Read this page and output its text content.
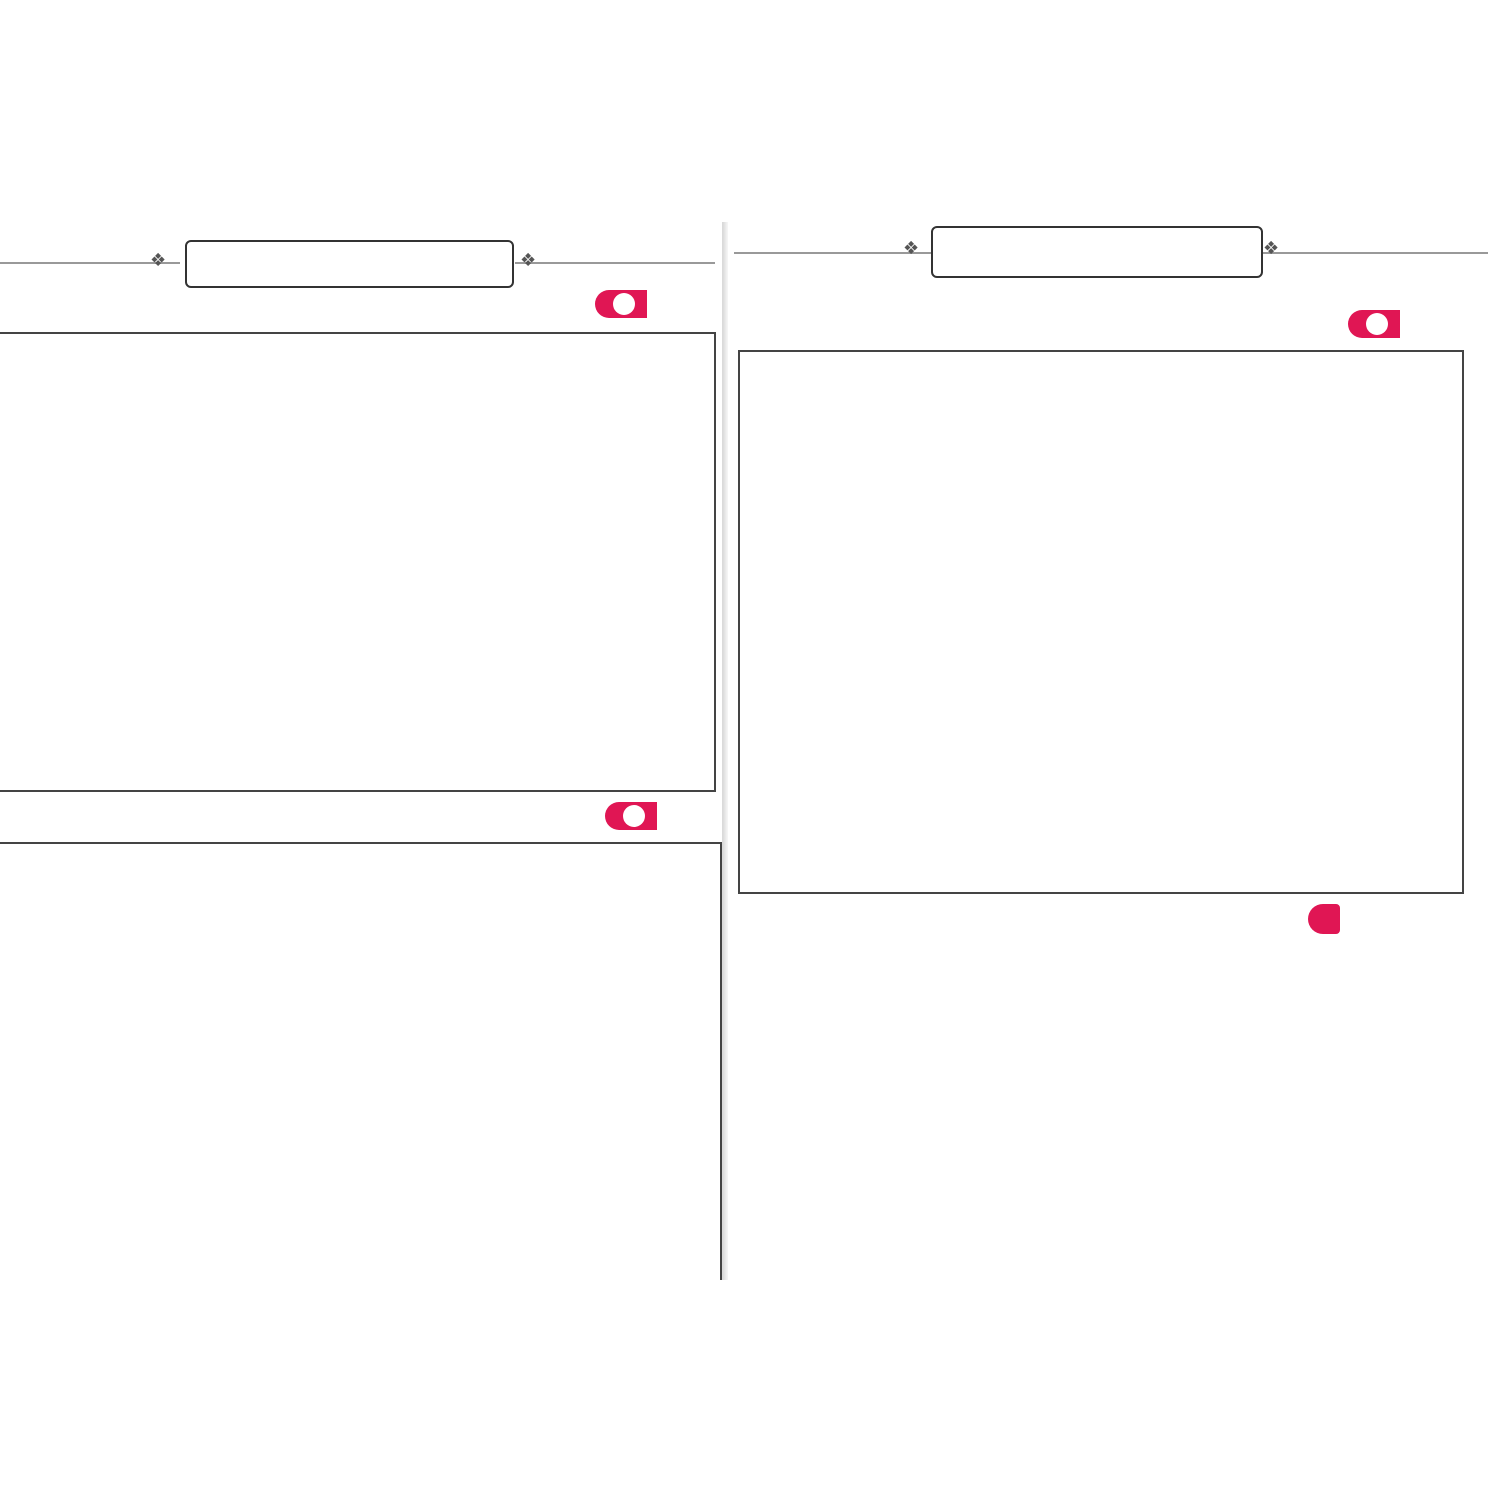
❖	❖
❖	❖
